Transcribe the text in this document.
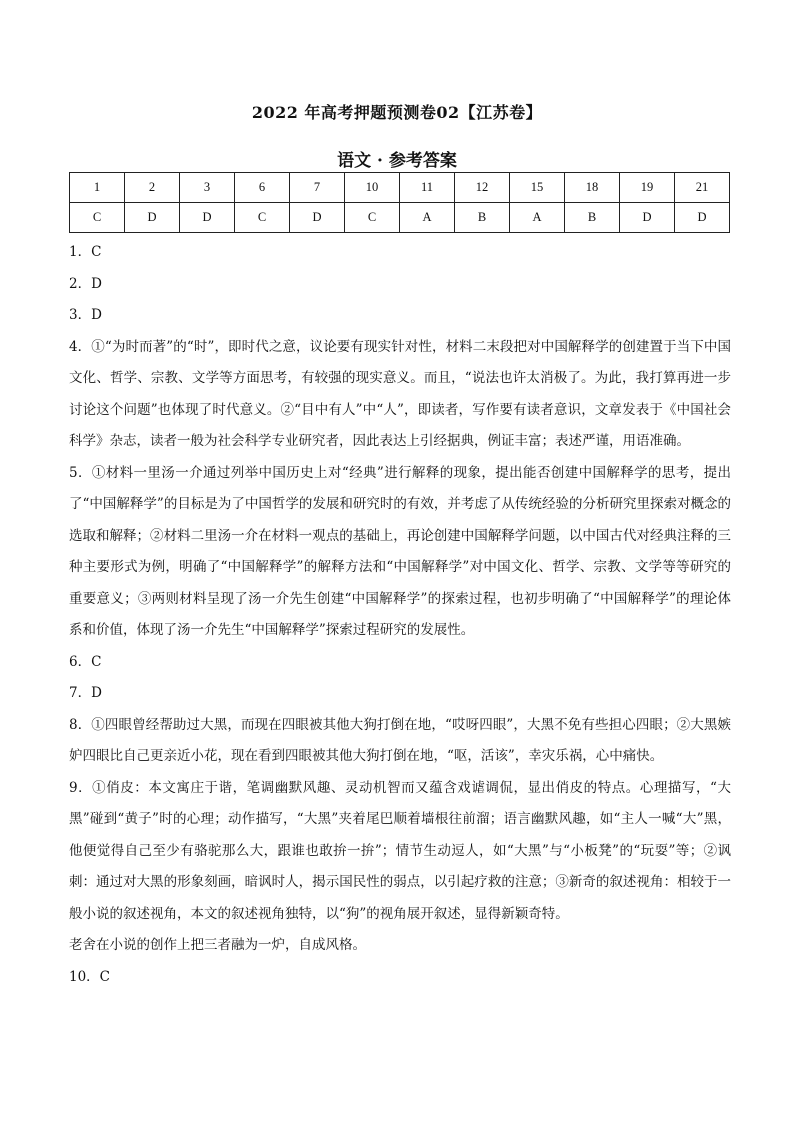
2022 年高考押题预测卷02【江苏卷】
语文 · 参考答案
1	2	3	6	7	10	11	12	15	18	19	21
C	D	D	C	D	C	A	B	A	B	D	D

1．C

2．D

3．D

4．①“为时而著”的“时”，即时代之意，议论要有现实针对性，材料二末段把对中国解释学的创建置于当下中国文化、哲学、宗教、文学等方面思考，有较强的现实意义。而且，“说法也许太消极了。为此，我打算再进一步讨论这个问题”也体现了时代意义。②“目中有人”中“人”，即读者，写作要有读者意识，文章发表于《中国社会科学》杂志，读者一般为社会科学专业研究者，因此表达上引经据典，例证丰富；表述严谨，用语准确。

5．①材料一里汤一介通过列举中国历史上对“经典”进行解释的现象，提出能否创建中国解释学的思考，提出了“中国解释学”的目标是为了中国哲学的发展和研究时的有效，并考虑了从传统经验的分析研究里探索对概念的选取和解释；②材料二里汤一介在材料一观点的基础上，再论创建中国解释学问题，以中国古代对经典注释的三种主要形式为例，明确了“中国解释学”的解释方法和“中国解释学”对中国文化、哲学、宗教、文学等等研究的重要意义；③两则材料呈现了汤一介先生创建“中国解释学”的探索过程，也初步明确了“中国解释学”的理论体系和价值，体现了汤一介先生“中国解释学”探索过程研究的发展性。

6．C

7．D

8．①四眼曾经帮助过大黑，而现在四眼被其他大狗打倒在地，“哎呀四眼”，大黑不免有些担心四眼；②大黑嫉妒四眼比自己更亲近小花，现在看到四眼被其他大狗打倒在地，“呕，活该”，幸灾乐祸，心中痛快。

9．①俏皮：本文寓庄于谐，笔调幽默风趣、灵动机智而又蕴含戏谑调侃，显出俏皮的特点。心理描写，“大黑”碰到“黄子”时的心理；动作描写，“大黑”夹着尾巴顺着墙根往前溜；语言幽默风趣，如“主人一喊“大”黑，他便觉得自己至少有骆驼那么大，跟谁也敢拚一拚”；情节生动逗人，如“大黑”与“小板凳”的“玩耍”等；②讽刺：通过对大黑的形象刻画，暗讽时人，揭示国民性的弱点，以引起疗救的注意；③新奇的叙述视角：相较于一般小说的叙述视角，本文的叙述视角独特，以“狗”的视角展开叙述，显得新颖奇特。

老舍在小说的创作上把三者融为一炉，自成风格。

10．C
